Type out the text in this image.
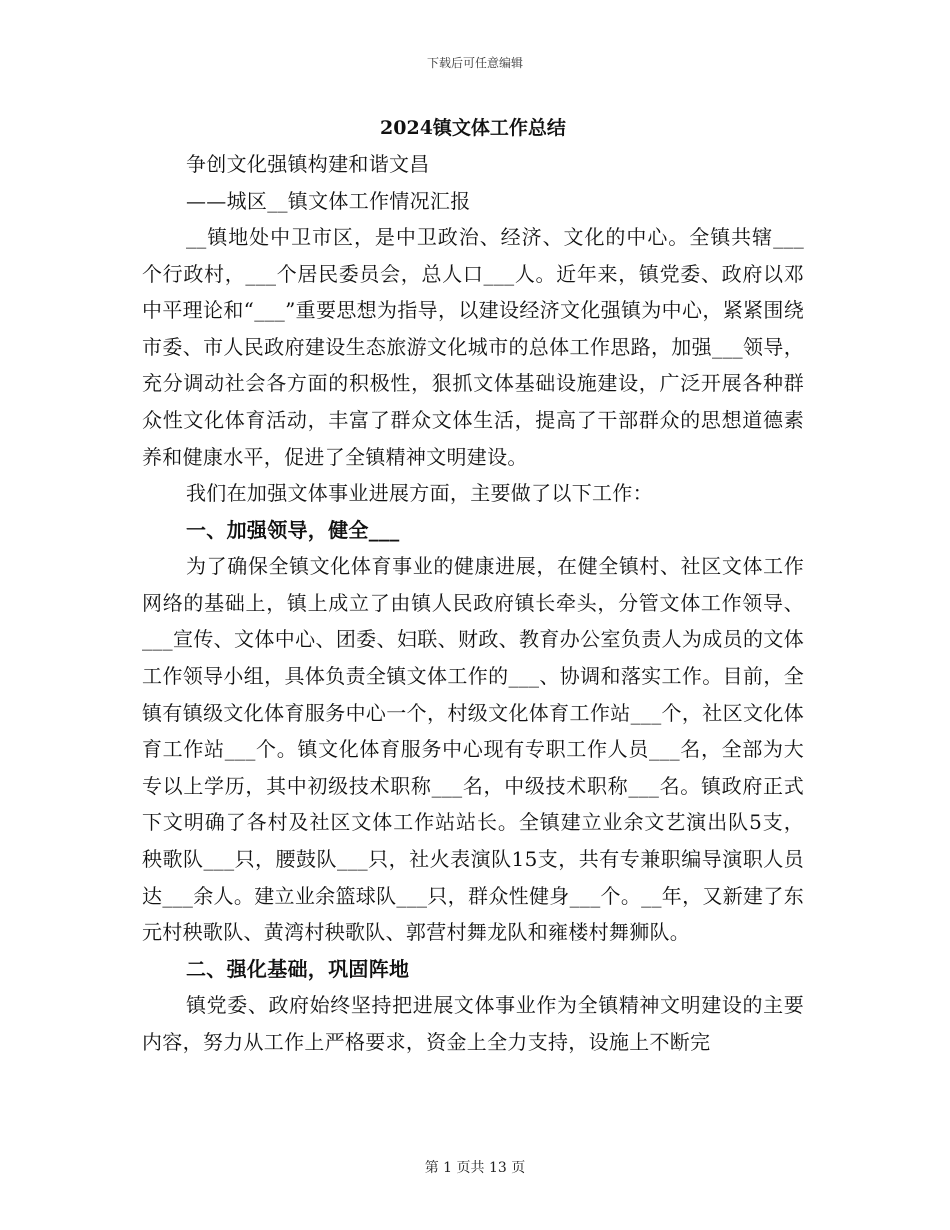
下载后可任意编辑
2024镇文体工作总结

争创文化强镇构建和谐文昌

——城区__镇文体工作情况汇报

__镇地处中卫市区，是中卫政治、经济、文化的中心。全镇共辖___个行政村，___个居民委员会，总人口___人。近年来，镇党委、政府以邓中平理论和“___”重要思想为指导，以建设经济文化强镇为中心，紧紧围绕市委、市人民政府建设生态旅游文化城市的总体工作思路，加强___领导，充分调动社会各方面的积极性，狠抓文体基础设施建设，广泛开展各种群众性文化体育活动，丰富了群众文体生活，提高了干部群众的思想道德素养和健康水平，促进了全镇精神文明建设。

我们在加强文体事业进展方面，主要做了以下工作：

一、加强领导，健全___

为了确保全镇文化体育事业的健康进展，在健全镇村、社区文体工作网络的基础上，镇上成立了由镇人民政府镇长牵头，分管文体工作领导、___宣传、文体中心、团委、妇联、财政、教育办公室负责人为成员的文体工作领导小组，具体负责全镇文体工作的___、协调和落实工作。目前，全镇有镇级文化体育服务中心一个，村级文化体育工作站___个，社区文化体育工作站___个。镇文化体育服务中心现有专职工作人员___名，全部为大专以上学历，其中初级技术职称___名，中级技术职称___名。镇政府正式下文明确了各村及社区文体工作站站长。全镇建立业余文艺演出队5支，秧歌队___只，腰鼓队___只，社火表演队15支，共有专兼职编导演职人员达___余人。建立业余篮球队___只，群众性健身___个。__年，又新建了东元村秧歌队、黄湾村秧歌队、郭营村舞龙队和雍楼村舞狮队。

二、强化基础，巩固阵地

镇党委、政府始终坚持把进展文体事业作为全镇精神文明建设的主要内容，努力从工作上严格要求，资金上全力支持，设施上不断完

第 1 页共 13 页
